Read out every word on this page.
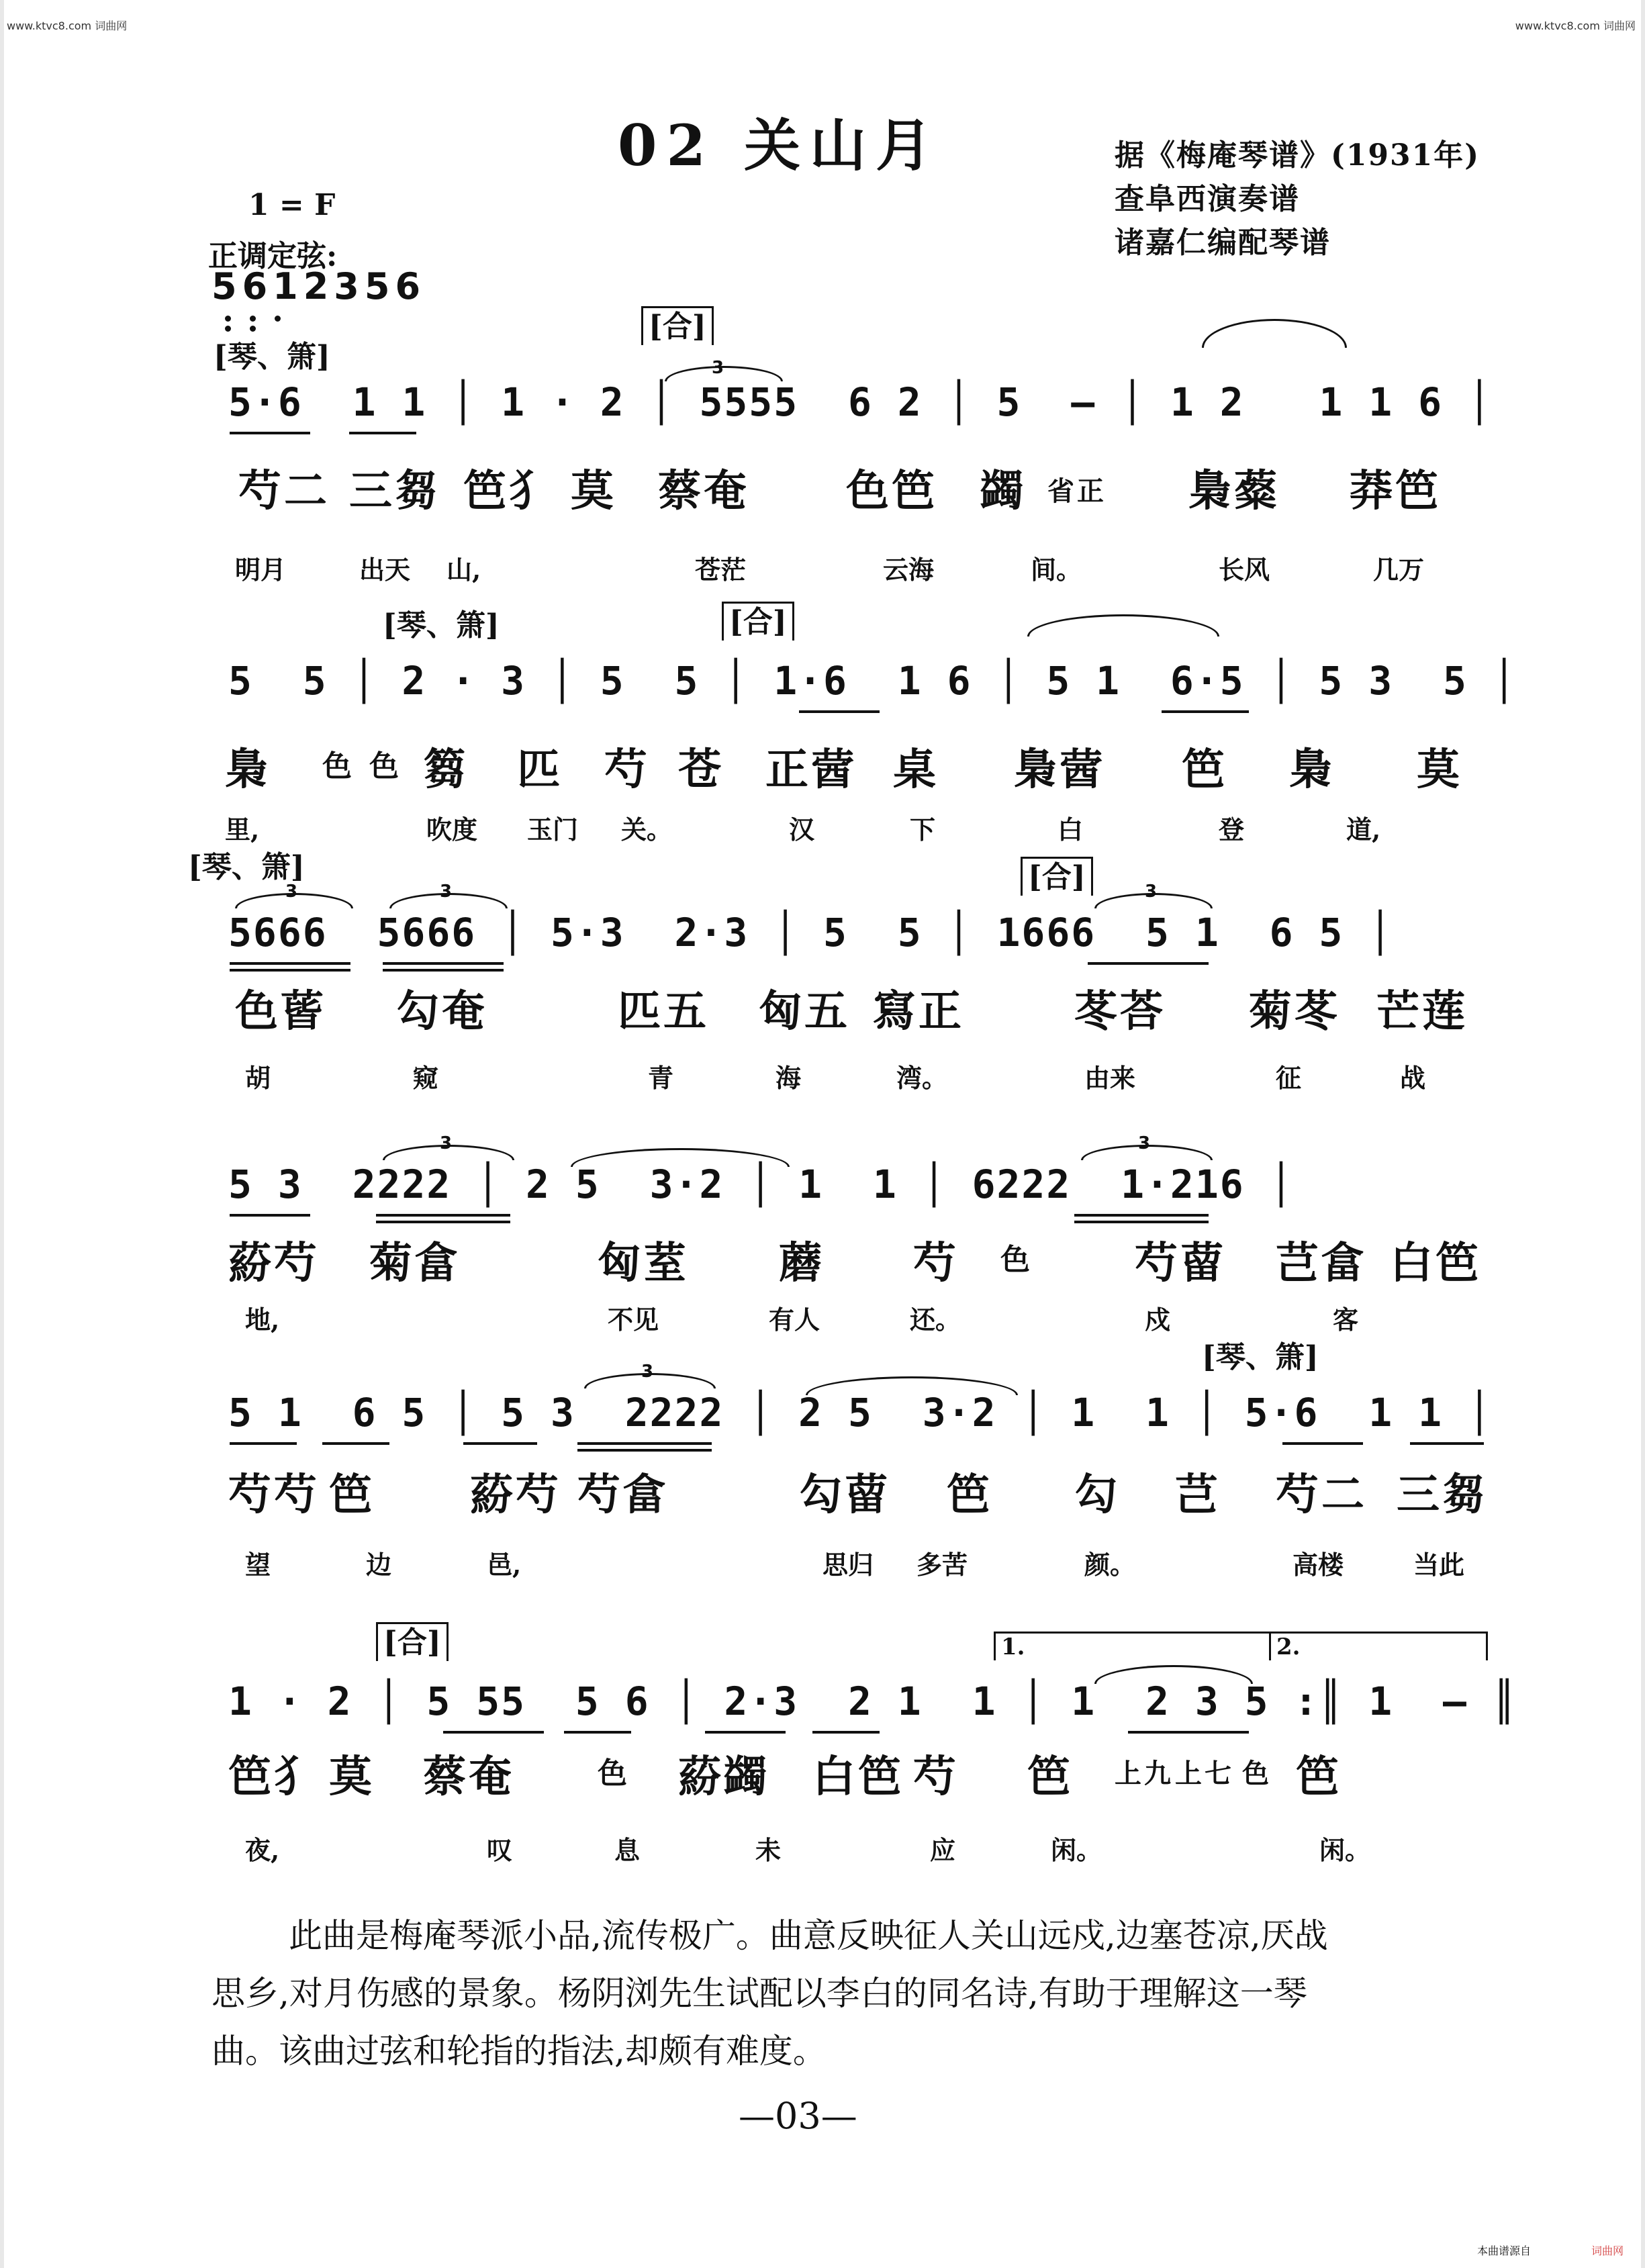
www.ktvc8.com 词曲网	www.ktvc8.com 词曲网
02 关山月	据《梅庵琴谱》(1931年)
查阜西演奏谱
诸嘉仁编配琴谱
1 = F
正调定弦:
5612356
[合]
[琴、箫]
5·6  1 1 │ 1 · 2 │ 5555  6 2 │ 5  — │ 1 2   1 1 6 │
3
芍二 三芻 笆犭 莫 蔡奄 色笆 蠲 省正 梟薒 莽笆
明月	出天 山,	苍茫	云海	间。	长风	几万
[琴、箫]	[合]
5  5 │ 2 · 3 │ 5  5 │ 1·6  1 6 │ 5 1  6·5 │ 5 3  5 │
梟 色 色 篘 匹 芍 苍 正蒏 桌 梟蒏 笆 梟 莫
里,	吹度 玉门 关。	汉	下	白	登	道,
[琴、箫]	[合]
5666  5666 │ 5·3  2·3 │ 5  5 │ 1666  5 1  6 5 │
3	3	3
色蒈 勾奄	匹五 匈五 寫正	苳荅 菊苳 芒莲
胡	窥	青	海	湾。	由来	征	战
5 3  2222 │ 2 5  3·2 │ 1  1 │ 6222  1·216 │
3	3
蒶芍 菊畣	匈荎 蘑 芍 色 芍蒥 芑畣 白笆
地,	不见	有人	还。	戍	客
[琴、箫]
5 1  6 5 │ 5 3  2222 │ 2 5  3·2 │ 1  1 │ 5·6  1 1 │
3
芍芍 笆 蒶芍 芍畣	勾蒥 笆 勾 芑 芍二 三芻
望	边	邑,	思归 多苦	颜。	高楼	当此
[合]	1.	2.
1 · 2 │ 5 55  5 6 │ 2·3  2 1  1 │ 1  2 3 5 :║ 1  — ║
笆犭 莫 蔡奄	色 蒶蠲 白笆 芍 笆 上九 上七 色 笆
夜,	叹	息	未	应	闲。	闲。
此曲是梅庵琴派小品,流传极广。曲意反映征人关山远戍,边塞苍凉,厌战
思乡,对月伤感的景象。杨阴浏先生试配以李白的同名诗,有助于理解这一琴
曲。该曲过弦和轮指的指法,却颇有难度。
—03—
本曲谱源自	词曲网
